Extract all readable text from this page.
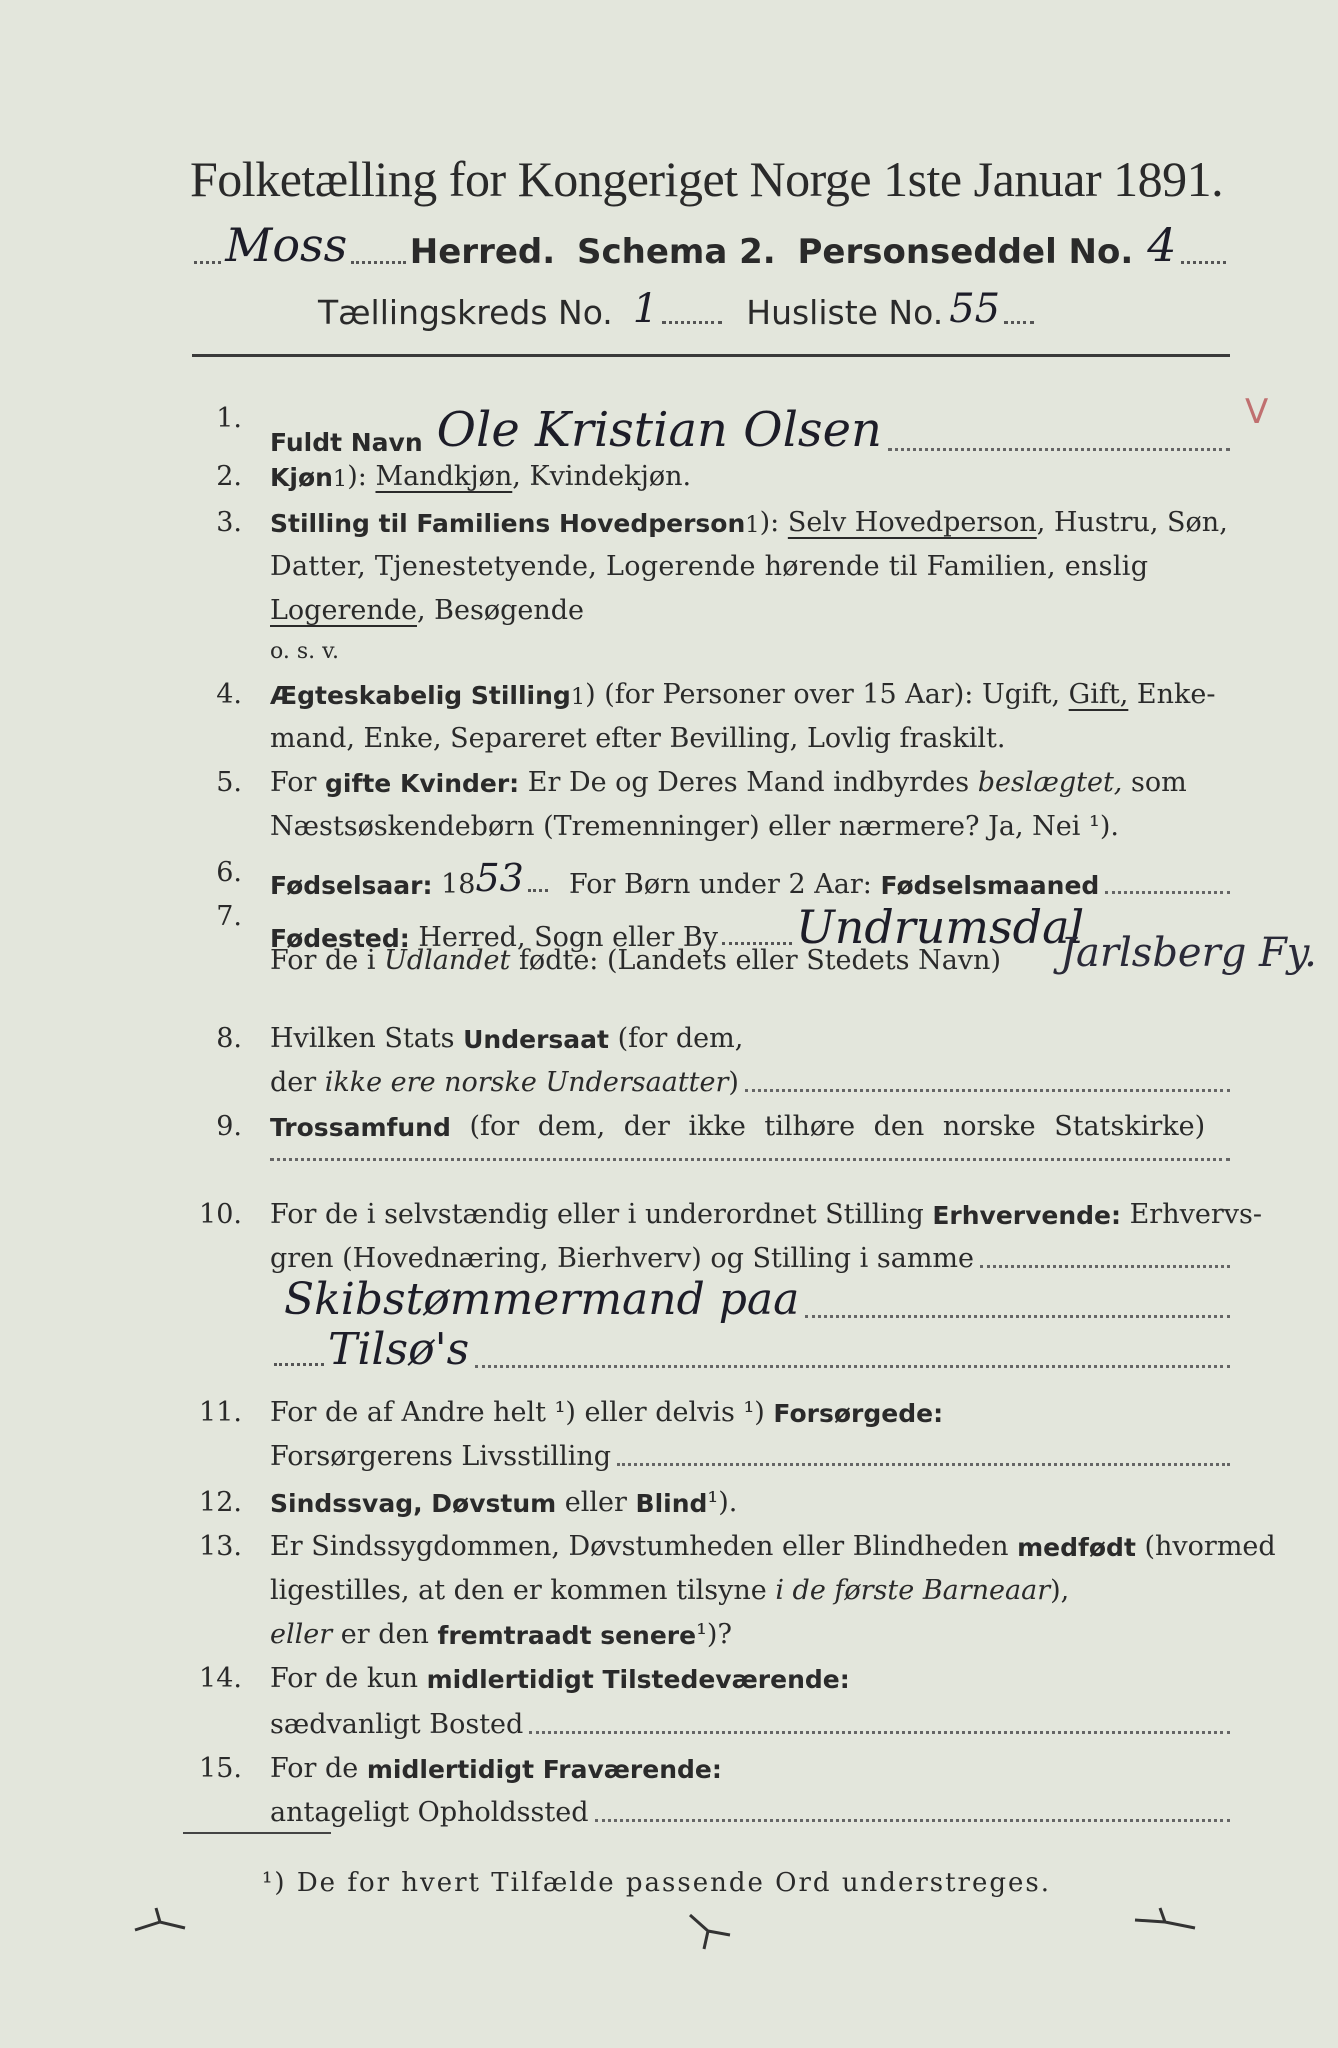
Folketælling for Kongeriget Norge 1ste Januar 1891.
Moss Herred. Schema 2. Personseddel No. 4
Tællingskreds No. 1	Husliste No. 55
V
1.
Fuldt Navn Ole Kristian Olsen
2. Kjøn 1 ):
Mandkjøn , Kvindekjøn.
3. Stilling til Familiens Hovedperson 1 ):
Selv Hovedperson , Hustru, Søn,
Datter, Tjenestetyende, Logerende hørende til Familien, enslig
Logerende , Besøgende
o. s. v.
4. Ægteskabelig Stilling 1 ) (for Personer over 15 Aar): Ugift, Gift, Enke-
mand, Enke, Separeret efter Bevilling, Lovlig fraskilt.
5. For gifte Kvinder: Er De og Deres Mand indbyrdes beslægtet, som
Næstsøskendebørn (Tremenninger) eller nærmere? Ja, Nei ¹).
6. Fødselsaar: 18 53 For Børn under 2 Aar: Fødselsmaaned
7.
Fødested: Herred, Sogn eller By Undrumsdal
For de i Udlandet fødte: (Landets eller Stedets Navn) Jarlsberg Fy.
8. Hvilken Stats Undersaat (for dem,
der ikke ere norske Undersaatter )
9. Trossamfund (for dem, der ikke tilhøre den norske Statskirke)
10. For de i selvstændig eller i underordnet Stilling Erhvervende: Erhvervs-
gren (Hovednæring, Bierhverv) og Stilling i samme
Skibstømmermand paa
Tilsø's
11. For de af Andre helt ¹) eller delvis ¹) Forsørgede:
Forsørgerens Livsstilling
12. Sindssvag, Døvstum eller Blind ¹).
13. Er Sindssygdommen, Døvstumheden eller Blindheden medfødt (hvormed
ligestilles, at den er kommen tilsyne i de første Barneaar ),
eller er den fremtraadt senere ¹)?
14. For de kun midlertidigt Tilstedeværende:
sædvanligt Bosted
15. For de midlertidigt Fraværende:
antageligt Opholdssted
¹) De for hvert Tilfælde passende Ord understreges.
